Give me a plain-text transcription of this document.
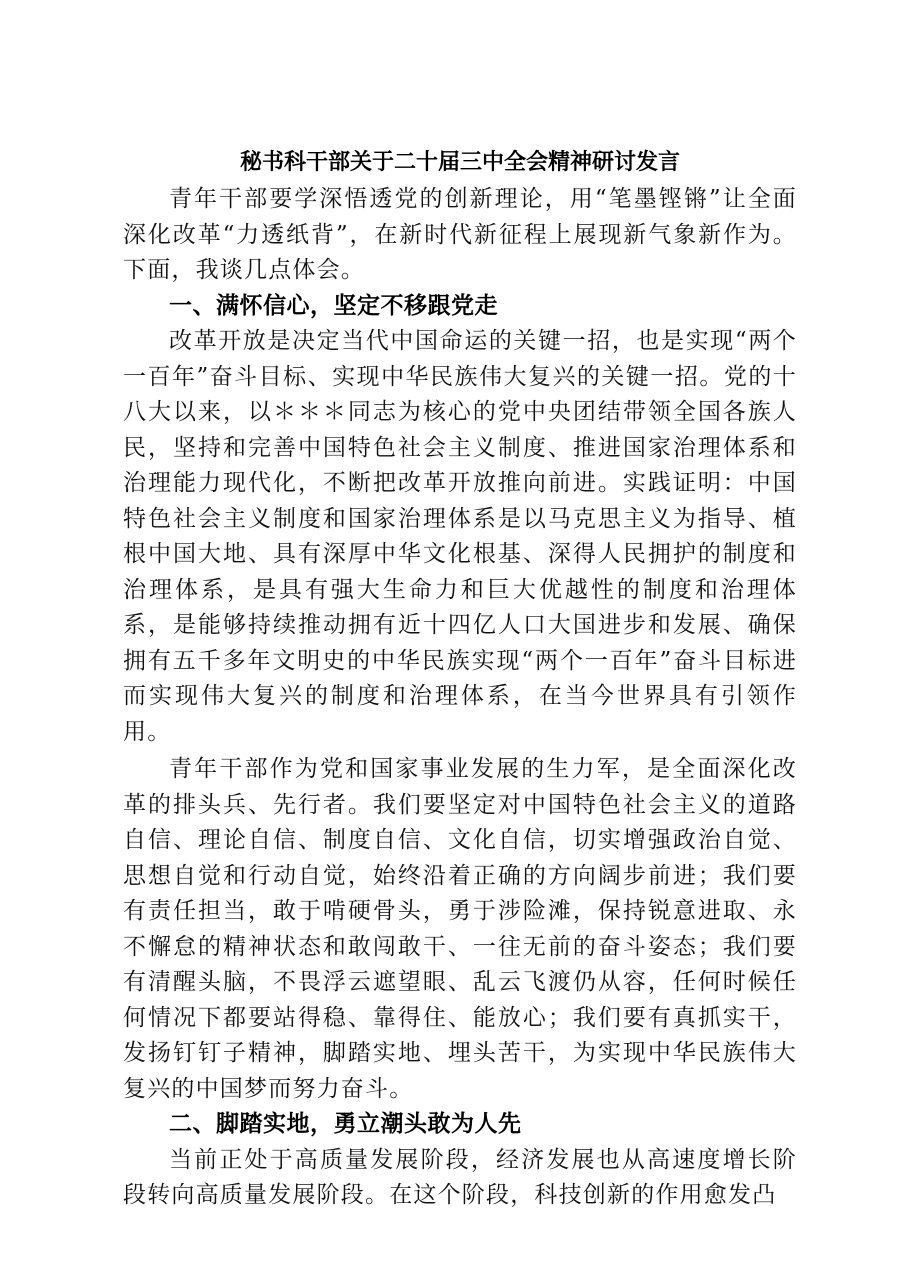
秘书科干部关于二十届三中全会精神研讨发言

青年干部要学深悟透党的创新理论，用“笔墨铿锵”让全面深化改革“力透纸背”，在新时代新征程上展现新气象新作为。下面，我谈几点体会。

一、满怀信心，坚定不移跟党走

改革开放是决定当代中国命运的关键一招，也是实现“两个一百年”奋斗目标、实现中华民族伟大复兴的关键一招。党的十八大以来，以＊＊＊同志为核心的党中央团结带领全国各族人民，坚持和完善中国特色社会主义制度、推进国家治理体系和治理能力现代化，不断把改革开放推向前进。实践证明：中国特色社会主义制度和国家治理体系是以马克思主义为指导、植根中国大地、具有深厚中华文化根基、深得人民拥护的制度和治理体系，是具有强大生命力和巨大优越性的制度和治理体系，是能够持续推动拥有近十四亿人口大国进步和发展、确保拥有五千多年文明史的中华民族实现“两个一百年”奋斗目标进而实现伟大复兴的制度和治理体系，在当今世界具有引领作用。

青年干部作为党和国家事业发展的生力军，是全面深化改革的排头兵、先行者。我们要坚定对中国特色社会主义的道路自信、理论自信、制度自信、文化自信，切实增强政治自觉、思想自觉和行动自觉，始终沿着正确的方向阔步前进；我们要有责任担当，敢于啃硬骨头，勇于涉险滩，保持锐意进取、永不懈怠的精神状态和敢闯敢干、一往无前的奋斗姿态；我们要有清醒头脑，不畏浮云遮望眼、乱云飞渡仍从容，任何时候任何情况下都要站得稳、靠得住、能放心；我们要有真抓实干，发扬钉钉子精神，脚踏实地、埋头苦干，为实现中华民族伟大复兴的中国梦而努力奋斗。

二、脚踏实地，勇立潮头敢为人先

当前正处于高质量发展阶段，经济发展也从高速度增长阶段转向高质量发展阶段。在这个阶段，科技创新的作用愈发凸
